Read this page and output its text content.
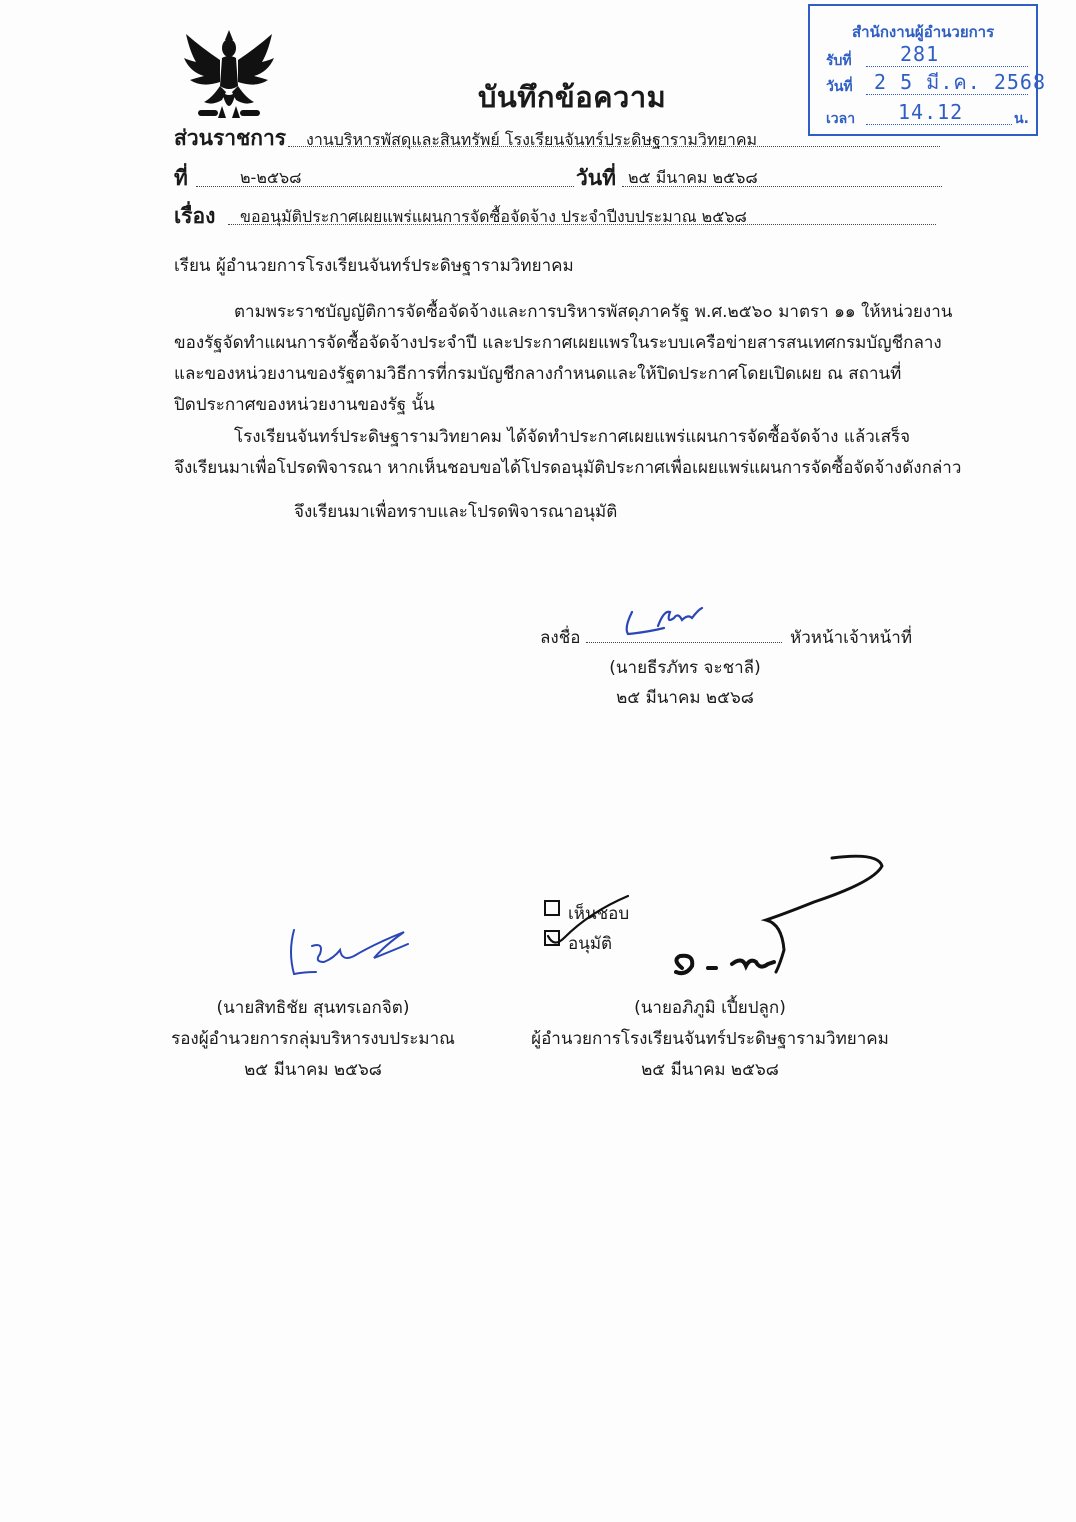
บันทึกข้อความ
สำนักงานผู้อำนวยการ
รับที่ 281
วันที่ 2 5 มี.ค. 2568
เวลา 14.12	น.
ส่วนราชการ งานบริหารพัสดุและสินทรัพย์ โรงเรียนจันทร์ประดิษฐารามวิทยาคม
ที่	๒-๒๕๖๘	วันที่ ๒๕ มีนาคม ๒๕๖๘
เรื่อง ขออนุมัติประกาศเผยแพร่แผนการจัดซื้อจัดจ้าง ประจำปีงบประมาณ ๒๕๖๘
เรียน ผู้อำนวยการโรงเรียนจันทร์ประดิษฐารามวิทยาคม
ตามพระราชบัญญัติการจัดซื้อจัดจ้างและการบริหารพัสดุภาครัฐ พ.ศ.๒๕๖๐ มาตรา ๑๑ ให้หน่วยงาน
ของรัฐจัดทำแผนการจัดซื้อจัดจ้างประจำปี และประกาศเผยแพรในระบบเครือข่ายสารสนเทศกรมบัญชีกลาง
และของหน่วยงานของรัฐตามวิธีการที่กรมบัญชีกลางกำหนดและให้ปิดประกาศโดยเปิดเผย ณ สถานที่
ปิดประกาศของหน่วยงานของรัฐ นั้น
โรงเรียนจันทร์ประดิษฐารามวิทยาคม ได้จัดทำประกาศเผยแพร่แผนการจัดซื้อจัดจ้าง แล้วเสร็จ
จึงเรียนมาเพื่อโปรดพิจารณา หากเห็นชอบขอได้โปรดอนุมัติประกาศเพื่อเผยแพร่แผนการจัดซื้อจัดจ้างดังกล่าว
จึงเรียนมาเพื่อทราบและโปรดพิจารณาอนุมัติ
ลงชื่อ	หัวหน้าเจ้าหน้าที่
(นายธีรภัทร จะชาลี)
๒๕ มีนาคม ๒๕๖๘
เห็นชอบ
อนุมัติ
(นายสิทธิชัย สุนทรเอกจิต)
รองผู้อำนวยการกลุ่มบริหารงบประมาณ
๒๕ มีนาคม ๒๕๖๘
(นายอภิภูมิ เปี้ยปลูก)
ผู้อำนวยการโรงเรียนจันทร์ประดิษฐารามวิทยาคม
๒๕ มีนาคม ๒๕๖๘
